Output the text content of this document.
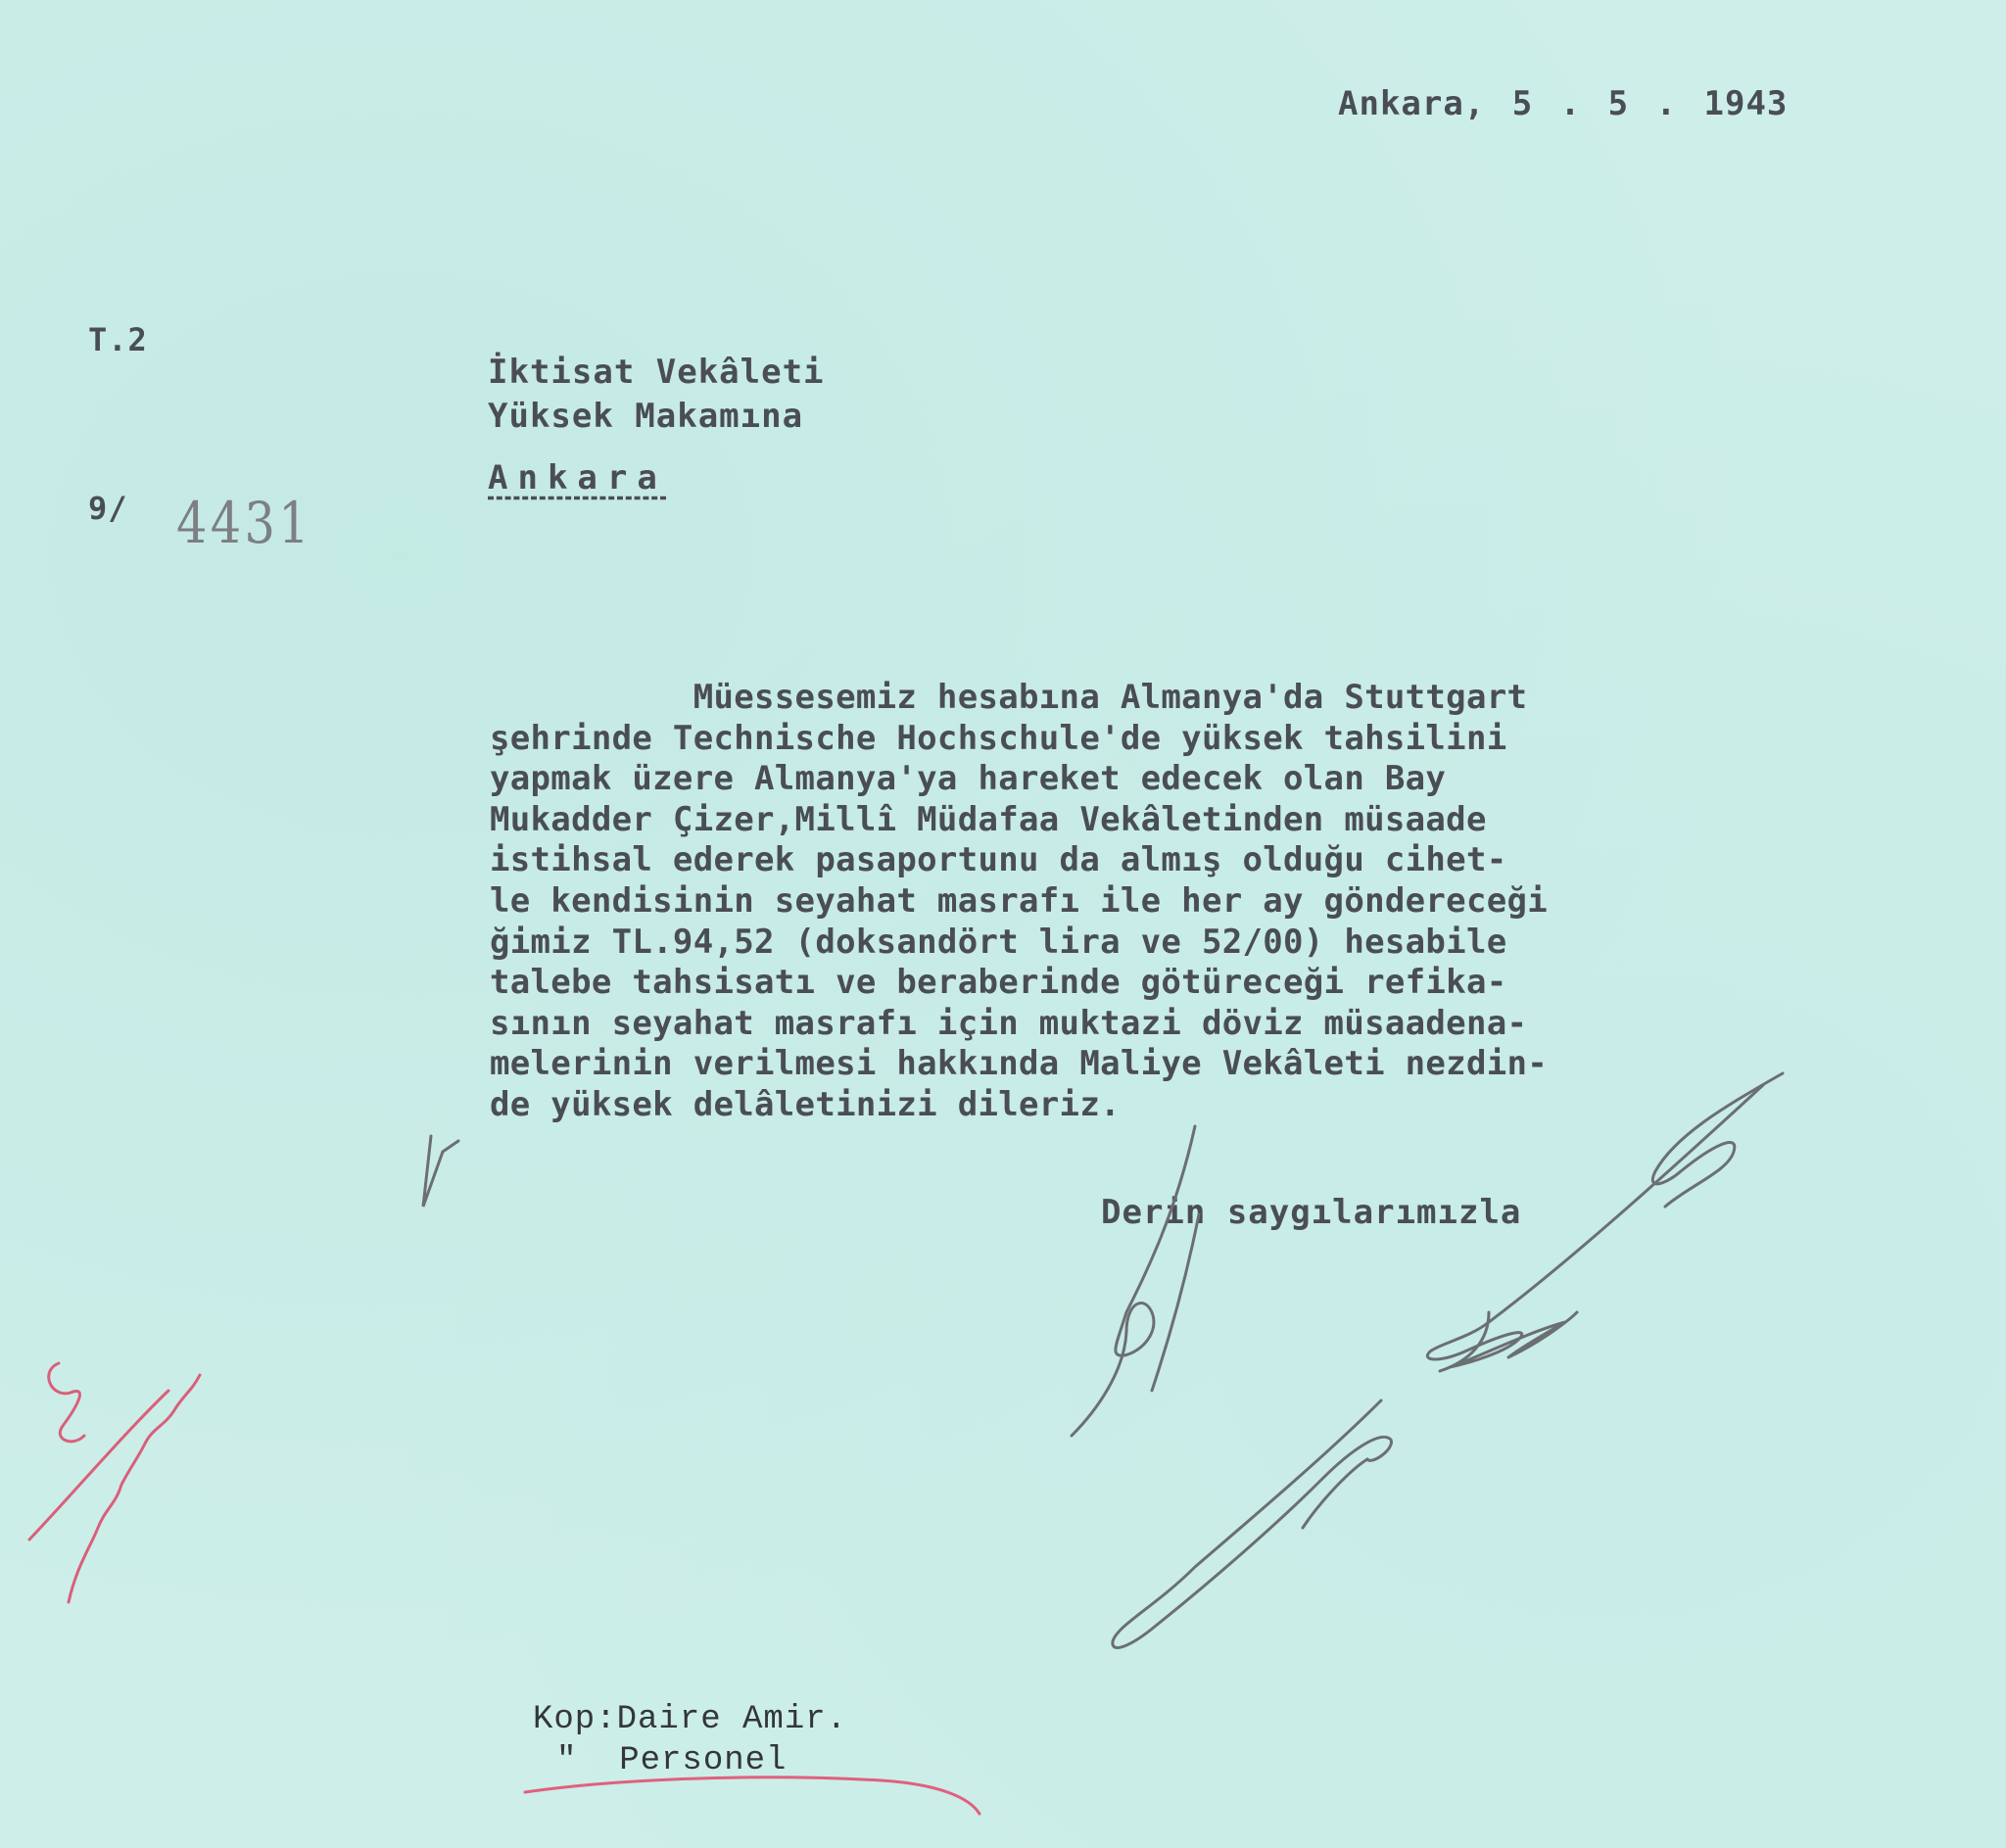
Ankara, 5 . 5 . 1943
T.2
İktisat Vekâleti
Yüksek Makamına
Ankara
9/ 4431
Müessesemiz hesabına Almanya'da Stuttgart
şehrinde Technische Hochschule'de yüksek tahsilini
yapmak üzere Almanya'ya hareket edecek olan Bay
Mukadder Çizer,Millî Müdafaa Vekâletinden müsaade
istihsal ederek pasaportunu da almış olduğu cihet-
le kendisinin seyahat masrafı ile her ay göndereceği
ğimiz TL.94,52 (doksandört lira ve 52/00) hesabile
talebe tahsisatı ve beraberinde götüreceği refika-
sının seyahat masrafı için muktazi döviz müsaadena-
melerinin verilmesi hakkında Maliye Vekâleti nezdin-
de yüksek delâletinizi dileriz.
Derin saygılarımızla
Kop:Daire Amir.
"  Personel
